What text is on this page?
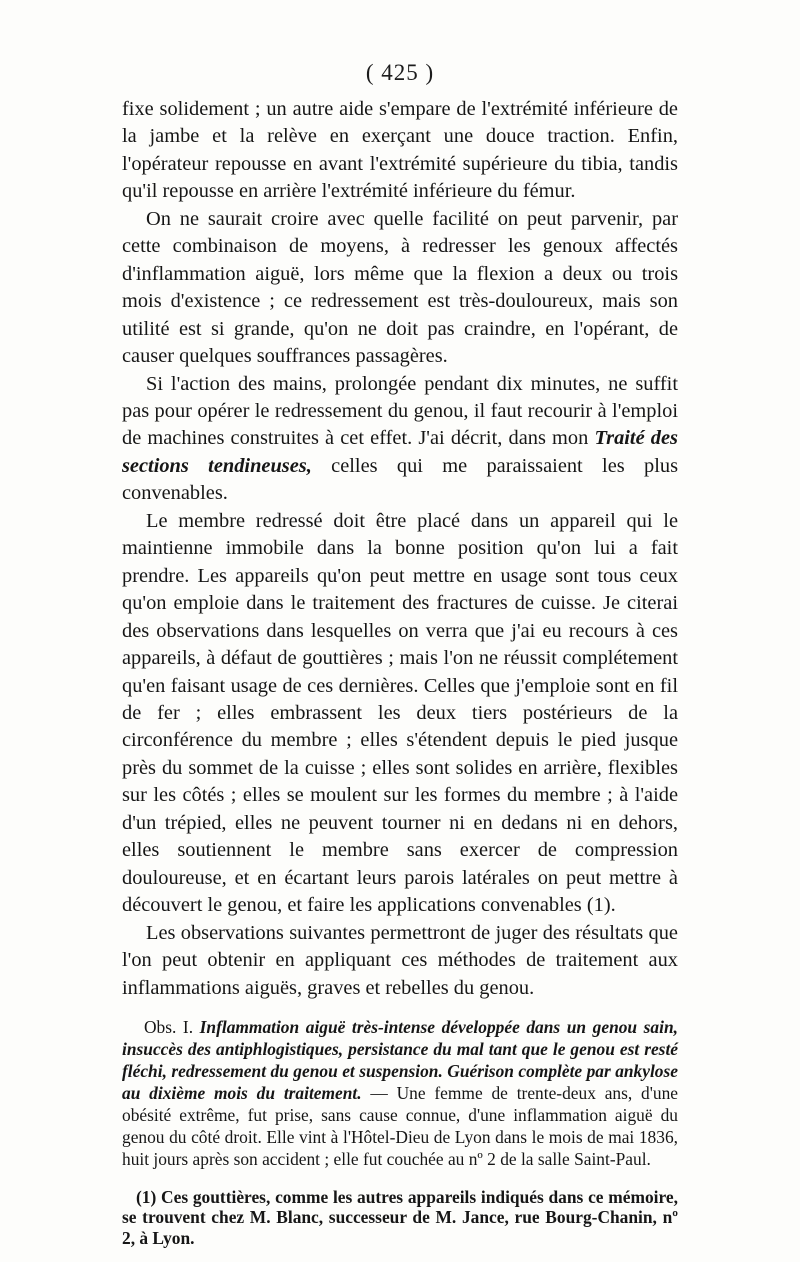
( 425 )

fixe solidement ; un autre aide s'empare de l'extrémité inférieure de la jambe et la relève en exerçant une douce traction. Enfin, l'opérateur repousse en avant l'extrémité supérieure du tibia, tandis qu'il repousse en arrière l'extrémité inférieure du fémur.

On ne saurait croire avec quelle facilité on peut parvenir, par cette combinaison de moyens, à redresser les genoux affectés d'inflammation aiguë, lors même que la flexion a deux ou trois mois d'existence ; ce redressement est très-douloureux, mais son utilité est si grande, qu'on ne doit pas craindre, en l'opérant, de causer quelques souffrances passagères.

Si l'action des mains, prolongée pendant dix minutes, ne suffit pas pour opérer le redressement du genou, il faut recourir à l'emploi de machines construites à cet effet. J'ai décrit, dans mon Traité des sections tendineuses, celles qui me paraissaient les plus convenables.

Le membre redressé doit être placé dans un appareil qui le maintienne immobile dans la bonne position qu'on lui a fait prendre. Les appareils qu'on peut mettre en usage sont tous ceux qu'on emploie dans le traitement des fractures de cuisse. Je citerai des observations dans lesquelles on verra que j'ai eu recours à ces appareils, à défaut de gouttières ; mais l'on ne réussit complétement qu'en faisant usage de ces dernières. Celles que j'emploie sont en fil de fer ; elles embrassent les deux tiers postérieurs de la circonférence du membre ; elles s'étendent depuis le pied jusque près du sommet de la cuisse ; elles sont solides en arrière, flexibles sur les côtés ; elles se moulent sur les formes du membre ; à l'aide d'un trépied, elles ne peuvent tourner ni en dedans ni en dehors, elles soutiennent le membre sans exercer de compression douloureuse, et en écartant leurs parois latérales on peut mettre à découvert le genou, et faire les applications convenables (1).

Les observations suivantes permettront de juger des résultats que l'on peut obtenir en appliquant ces méthodes de traitement aux inflammations aiguës, graves et rebelles du genou.

Obs. I. Inflammation aiguë très-intense développée dans un genou sain, insuccès des antiphlogistiques, persistance du mal tant que le genou est resté fléchi, redressement du genou et suspension. Guérison complète par ankylose au dixième mois du traitement. — Une femme de trente-deux ans, d'une obésité extrême, fut prise, sans cause connue, d'une inflammation aiguë du genou du côté droit. Elle vint à l'Hôtel-Dieu de Lyon dans le mois de mai 1836, huit jours après son accident ; elle fut couchée au nº 2 de la salle Saint-Paul.
(1) Ces gouttières, comme les autres appareils indiqués dans ce mémoire, se trouvent chez M. Blanc, successeur de M. Jance, rue Bourg-Chanin, nº 2, à Lyon.
